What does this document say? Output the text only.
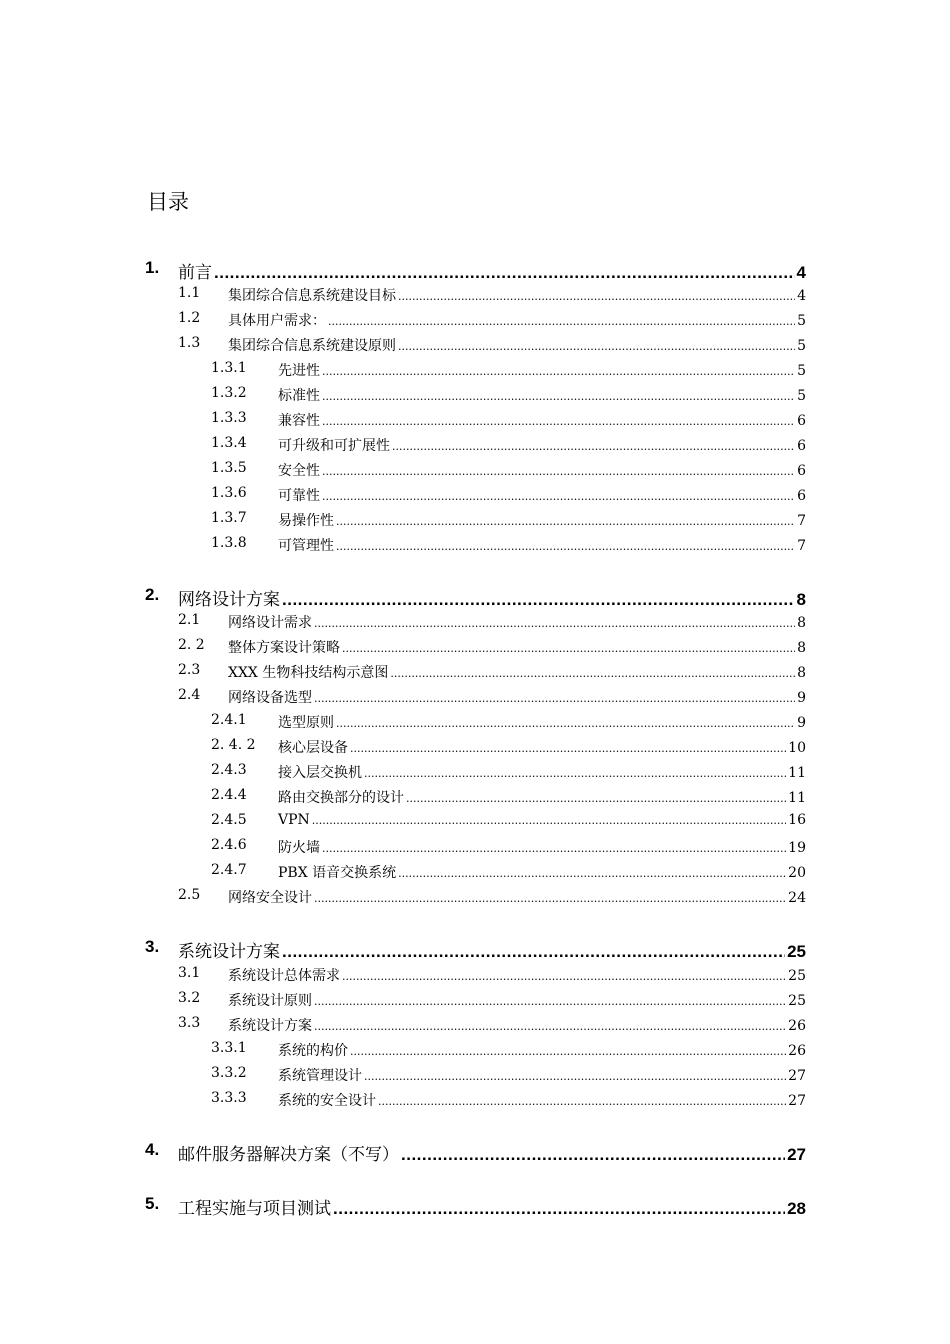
目录
1. 前言 .....	4
1.1 集团综合信息系统建设目标 .....	4
1.2 具体用户需求： .....	5
1.3 集团综合信息系统建设原则 .....	5
1.3.1 先进性 .....	5
1.3.2 标准性 .....	5
1.3.3 兼容性 .....	6
1.3.4 可升级和可扩展性 .....	6
1.3.5 安全性 .....	6
1.3.6 可靠性 .....	6
1.3.7 易操作性 .....	7
1.3.8 可管理性 .....	7
2. 网络设计方案 .....	8
2.1 网络设计需求 .....	8
2. 2 整体方案设计策略 .....	8
2.3 XXX 生物科技结构示意图 .....	8
2.4 网络设备选型 .....	9
2.4.1 选型原则 .....	9
2. 4. 2 核心层设备 .....	10
2.4.3 接入层交换机 .....	11
2.4.4 路由交换部分的设计 .....	11
2.4.5 VPN .....	16
2.4.6 防火墙 .....	19
2.4.7 PBX 语音交换系统 .....	20
2.5 网络安全设计 .....	24
3. 系统设计方案 .....	25
3.1 系统设计总体需求 .....	25
3.2 系统设计原则 .....	25
3.3 系统设计方案 .....	26
3.3.1 系统的构价 .....	26
3.3.2 系统管理设计 .....	27
3.3.3 系统的安全设计 .....	27
4. 邮件服务器解决方案（不写） .....	27
5. 工程实施与项目测试 .....	28
